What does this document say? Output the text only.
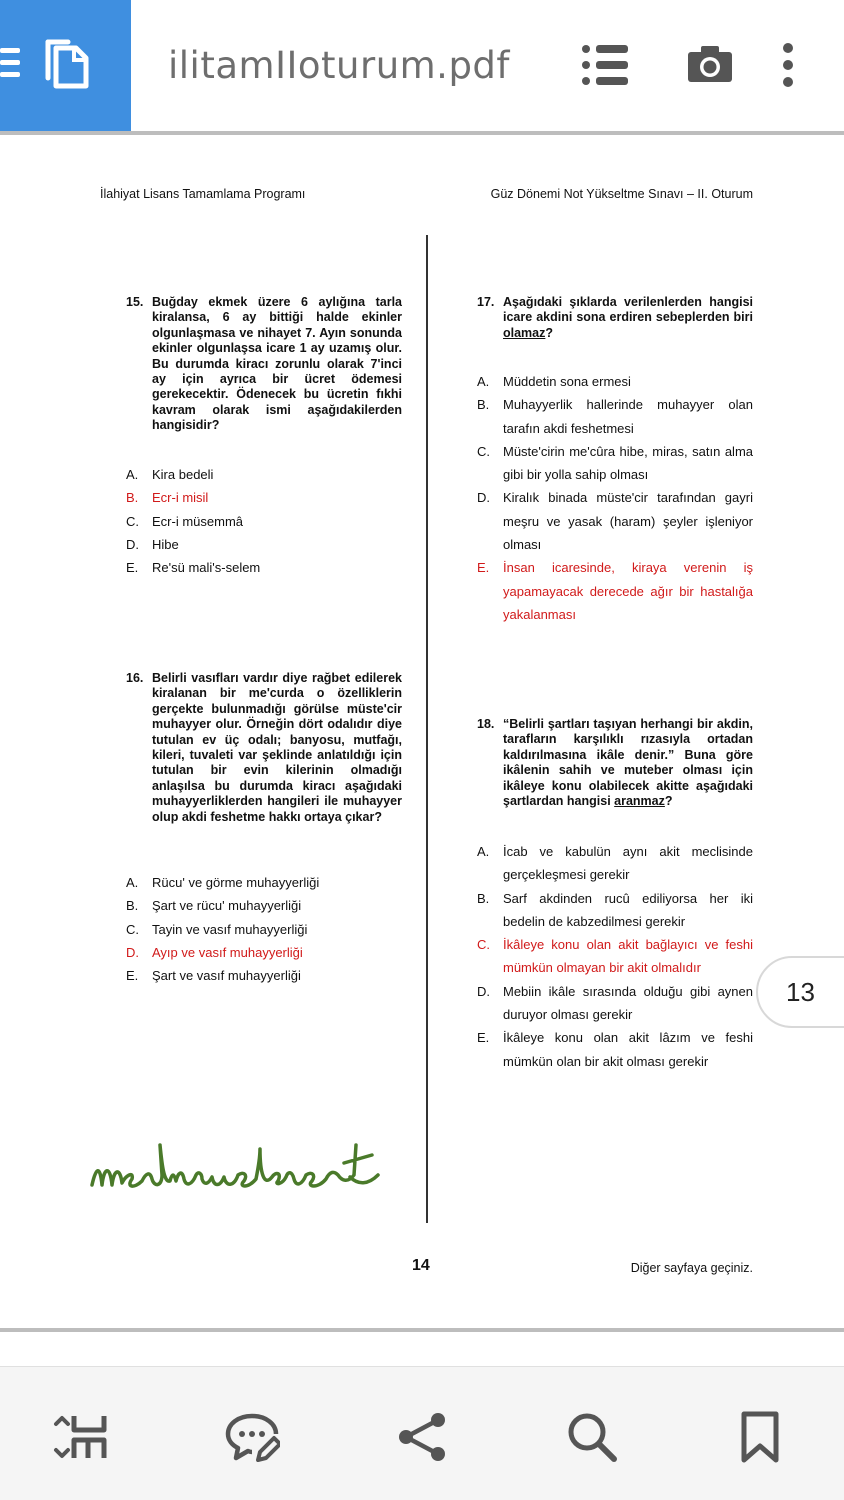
ilitamIIoturum.pdf
İlahiyat Lisans Tamamlama Programı	Güz Dönemi Not Yükseltme Sınavı – II. Oturum
15. Buğday ekmek üzere 6 aylığına tarla kiralansa, 6 ay bittiği halde ekinler olgunlaşmasa ve nihayet 7. Ayın sonunda ekinler olgunlaşsa icare 1 ay uzamış olur. Bu durumda kiracı zorunlu olarak 7'inci ay için ayrıca bir ücret ödemesi gerekecektir. Ödenecek bu ücretin fıkhi kavram olarak ismi aşağıdakilerden hangisidir?
A. Kira bedeli
B. Ecr-i misil
C. Ecr-i müsemmâ
D. Hibe
E. Re'sü mali's-selem
16. Belirli vasıfları vardır diye rağbet edilerek kiralanan bir me'curda o özelliklerin gerçekte bulunmadığı görülse müste'cir muhayyer olur. Örneğin dört odalıdır diye tutulan ev üç odalı; banyosu, mutfağı, kileri, tuvaleti var şeklinde anlatıldığı için tutulan bir evin kilerinin olmadığı anlaşılsa bu durumda kiracı aşağıdaki muhayyerliklerden hangileri ile muhayyer olup akdi feshetme hakkı ortaya çıkar?
A. Rücu' ve görme muhayyerliği
B. Şart ve rücu' muhayyerliği
C. Tayin ve vasıf muhayyerliği
D. Ayıp ve vasıf muhayyerliği
E. Şart ve vasıf muhayyerliği
17. Aşağıdaki şıklarda verilenlerden hangisi icare akdini sona erdiren sebeplerden biri olamaz?
A. Müddetin sona ermesi
B. Muhayyerlik hallerinde muhayyer olan tarafın akdi feshetmesi
C. Müste'cirin me'cûra hibe, miras, satın alma gibi bir yolla sahip olması
D. Kiralık binada müste'cir tarafından gayri meşru ve yasak (haram) şeyler işleniyor olması
E. İnsan icaresinde, kiraya verenin iş yapamayacak derecede ağır bir hastalığa yakalanması
18. “Belirli şartları taşıyan herhangi bir akdin, tarafların karşılıklı rızasıyla ortadan kaldırılmasına ikâle denir.” Buna göre ikâlenin sahih ve muteber olması için ikâleye konu olabilecek akitte aşağıdaki şartlardan hangisi aranmaz?
A. İcab ve kabulün aynı akit meclisinde gerçekleşmesi gerekir
B. Sarf akdinden rucû ediliyorsa her iki bedelin de kabzedilmesi gerekir
C. İkâleye konu olan akit bağlayıcı ve feshi mümkün olmayan bir akit olmalıdır
D. Mebiin ikâle sırasında olduğu gibi aynen duruyor olması gerekir
E. İkâleye konu olan akit lâzım ve feshi mümkün olan bir akit olması gerekir
14	Diğer sayfaya geçiniz.
13
